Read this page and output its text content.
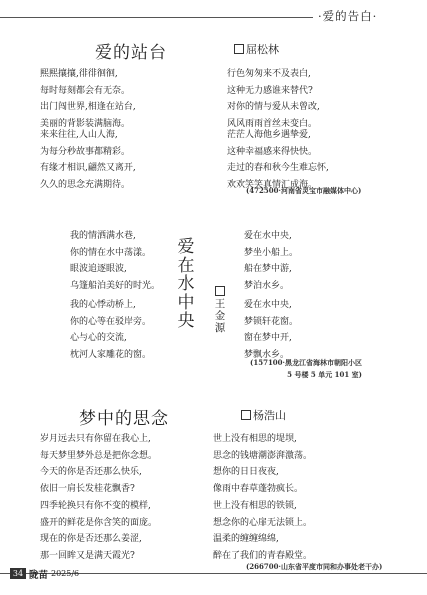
·爱的告白·
爱的站台	屈松林
熙熙攘攘,徘徘徊徊,
每时每刻都会有无奈。
出门闯世界,相逢在站台,
美丽的背影装满脑海。
来来往往,人山人海,
为每分秒故事都精彩。
有缘才相识,翩然又离开,
久久的思念充满期待。
行色匆匆来不及表白,
这种无力感谁来替代?
对你的情与爱从未曾改,
风风雨雨首丝未变白。
茫茫人海他乡遇挚爱,
这种幸福感来得快快。
走过的春和秋今生难忘怀,
欢欢笑笑真情汇成海。
(472500·河南省灵宝市融媒体中心)
爱在水中央
王金源
我的情洒满水巷,
你的情在水中荡漾。
眼波追逐眼波,
乌篷船泊美好的时光。
我的心悸动桥上,
你的心等在驳岸旁。
心与心的交流,
枕河人家雕花的窗。
爱在水中央,
梦坐小船上。
船在梦中游,
梦泊水乡。
爱在水中央,
梦锁轩花窗。
窗在梦中开,
梦飘水乡。
(157100·黑龙江省海林市朝阳小区
5 号楼 5 单元 101 室)
梦中的思念	杨浩山
岁月远去只有你留在我心上,
每天梦里梦外总是把你念想。
今天的你是否还那么快乐,
依旧一肩长发桂花飘香?
四季轮换只有你不变的模样,
盛开的鲜花是你含笑的面庞。
现在的你是否还那么姜涩,
那一回眸又是满天霞光?
世上没有相思的堤坝,
思念的钱塘潮澎湃激荡。
想你的日日夜夜,
像雨中春草蓬勃疯长。
世上没有相思的铁锁,
想念你的心扉无法锁上。
温柔的缠缠绵绵,
醉在了我们的青春殿堂。
(266700·山东省平度市同和办事处老干办)
34 陇苗 2025/6
